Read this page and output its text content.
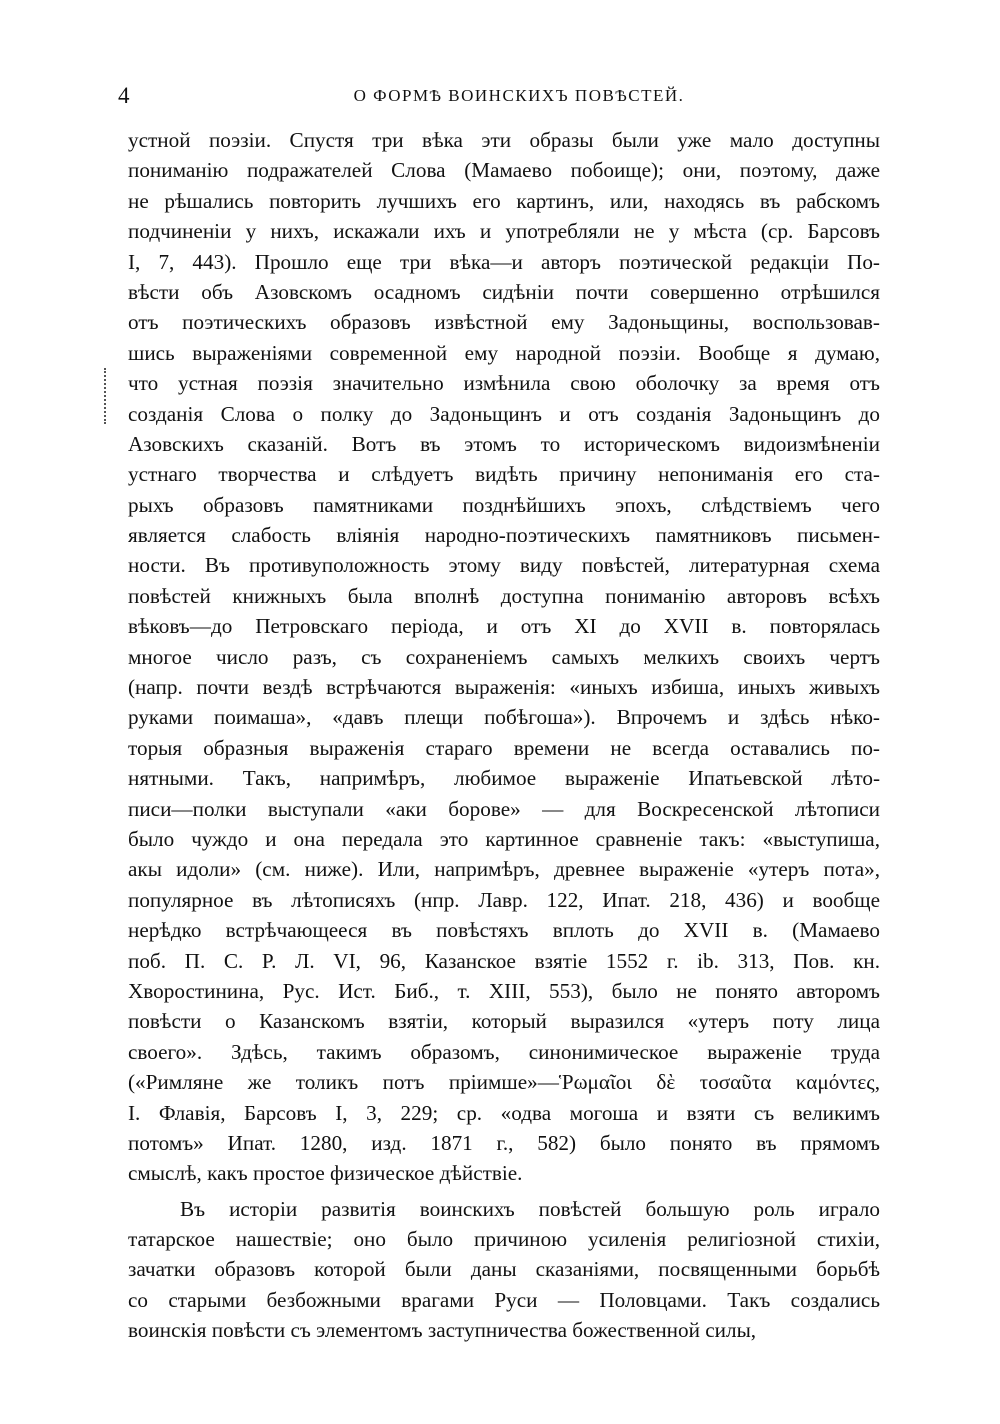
4	О ФОРМѢ ВОИНСКИХЪ ПОВѢСТЕЙ.
устной поэзіи. Спустя три вѣка эти образы были уже мало доступны
пониманію подражателей Слова (Мамаево побоище); они, поэтому, даже
не рѣшались повторить лучшихъ его картинъ, или, находясь въ рабскомъ
подчиненіи у нихъ, искажали ихъ и употребляли не у мѣста (ср. Барсовъ
I, 7, 443). Прошло еще три вѣка—и авторъ поэтической редакціи По-
вѣсти объ Азовскомъ осадномъ сидѣніи почти совершенно отрѣшился
отъ поэтическихъ образовъ извѣстной ему Задоньщины, воспользовав-
шись выраженіями современной ему народной поэзіи. Вообще я думаю,
что устная поэзія значительно измѣнила свою оболочку за время отъ
созданія Слова о полку до Задоньщинъ и отъ созданія Задоньщинъ до
Азовскихъ сказаній. Вотъ въ этомъ то историческомъ видоизмѣненіи
устнаго творчества и слѣдуетъ видѣть причину непониманія его ста-
рыхъ образовъ памятниками позднѣйшихъ эпохъ, слѣдствіемъ чего
является слабость вліянія народно-поэтическихъ памятниковъ письмен-
ности. Въ противуположность этому виду повѣстей, литературная схема
повѣстей книжныхъ была вполнѣ доступна пониманію авторовъ всѣхъ
вѣковъ—до Петровскаго періода, и отъ XI до XVII в. повторялась
многое число разъ, съ сохраненіемъ самыхъ мелкихъ своихъ чертъ
(напр. почти вездѣ встрѣчаются выраженія: «иныхъ избиша, иныхъ живыхъ
руками поимаша», «давъ плещи побѣгоша»). Впрочемъ и здѣсь нѣко-
торыя образныя выраженія стараго времени не всегда оставались по-
нятными. Такъ, напримѣръ, любимое выраженіе Ипатьевской лѣто-
писи—полки выступали «аки борове» — для Воскресенской лѣтописи
было чуждо и она передала это картинное сравненіе такъ: «выступиша,
акы идоли» (см. ниже). Или, напримѣръ, древнее выраженіе «утеръ пота»,
популярное въ лѣтописяхъ (нпр. Лавр. 122, Ипат. 218, 436) и вообще
нерѣдко встрѣчающееся въ повѣстяхъ вплоть до XVII в. (Мамаево
поб. П. С. Р. Л. VI, 96, Казанское взятіе 1552 г. ib. 313, Пов. кн.
Хворостинина, Рус. Ист. Биб., т. XIII, 553), было не понято авторомъ
повѣсти о Казанскомъ взятіи, который выразился «утеръ поту лица
своего». Здѣсь, такимъ образомъ, синонимическое выраженіе труда
(«Римляне же толикъ потъ пріимше»—Ῥωμαῖοι δὲ τοσαῦτα καμόντες,
I. Флавія, Барсовъ I, 3, 229; ср. «одва могоша и взяти съ великимъ
потомъ» Ипат. 1280, изд. 1871 г., 582) было понято въ прямомъ
смыслѣ, какъ простое физическое дѣйствіе.
Въ исторіи развитія воинскихъ повѣстей большую роль играло
татарское нашествіе; оно было причиною усиленія религіозной стихіи,
зачатки образовъ которой были даны сказаніями, посвященными борьбѣ
со старыми безбожными врагами Руси — Половцами. Такъ создались
воинскія повѣсти съ элементомъ заступничества божественной силы,
